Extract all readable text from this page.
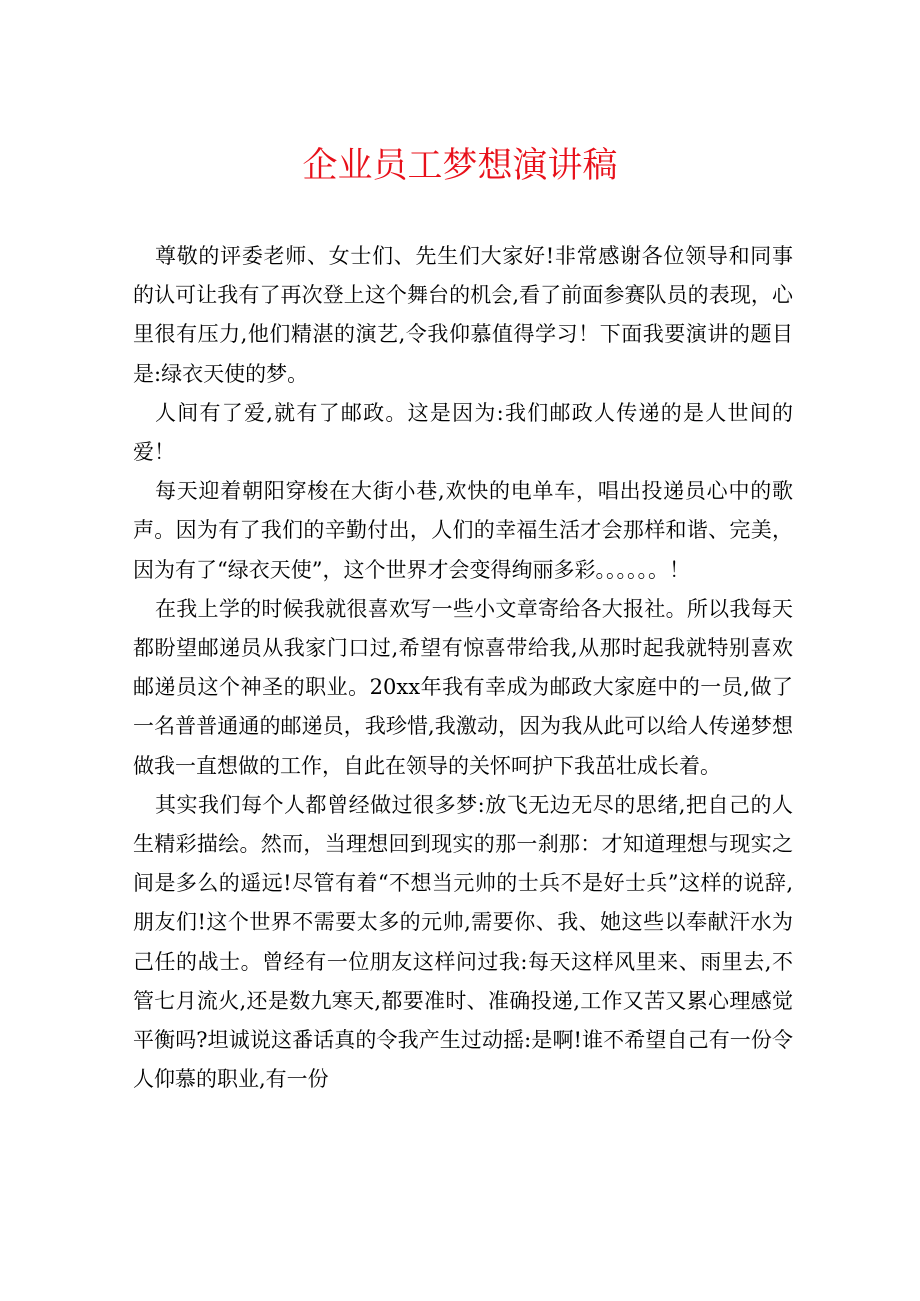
企业员工梦想演讲稿

尊敬的评委老师、女士们、先生们大家好!非常感谢各位领导和同事的认可让我有了再次登上这个舞台的机会,看了前面参赛队员的表现，心里很有压力,他们精湛的演艺,令我仰慕值得学习！下面我要演讲的题目是:绿衣天使的梦。

人间有了爱,就有了邮政。这是因为:我们邮政人传递的是人世间的爱！

每天迎着朝阳穿梭在大街小巷,欢快的电单车，唱出投递员心中的歌声。因为有了我们的辛勤付出，人们的幸福生活才会那样和谐、完美，因为有了“绿衣天使”，这个世界才会变得绚丽多彩。。。。。。！

在我上学的时候我就很喜欢写一些小文章寄给各大报社。所以我每天都盼望邮递员从我家门口过,希望有惊喜带给我,从那时起我就特别喜欢邮递员这个神圣的职业。20xx年我有幸成为邮政大家庭中的一员,做了一名普普通通的邮递员，我珍惜,我激动，因为我从此可以给人传递梦想做我一直想做的工作，自此在领导的关怀呵护下我茁壮成长着。

其实我们每个人都曾经做过很多梦:放飞无边无尽的思绪,把自己的人生精彩描绘。然而，当理想回到现实的那一刹那：才知道理想与现实之间是多么的遥远!尽管有着“不想当元帅的士兵不是好士兵”这样的说辞,朋友们!这个世界不需要太多的元帅,需要你、我、她这些以奉献汗水为己任的战士。曾经有一位朋友这样问过我:每天这样风里来、雨里去,不管七月流火,还是数九寒天,都要准时、准确投递,工作又苦又累心理感觉平衡吗?坦诚说这番话真的令我产生过动摇:是啊!谁不希望自己有一份令人仰慕的职业,有一份
